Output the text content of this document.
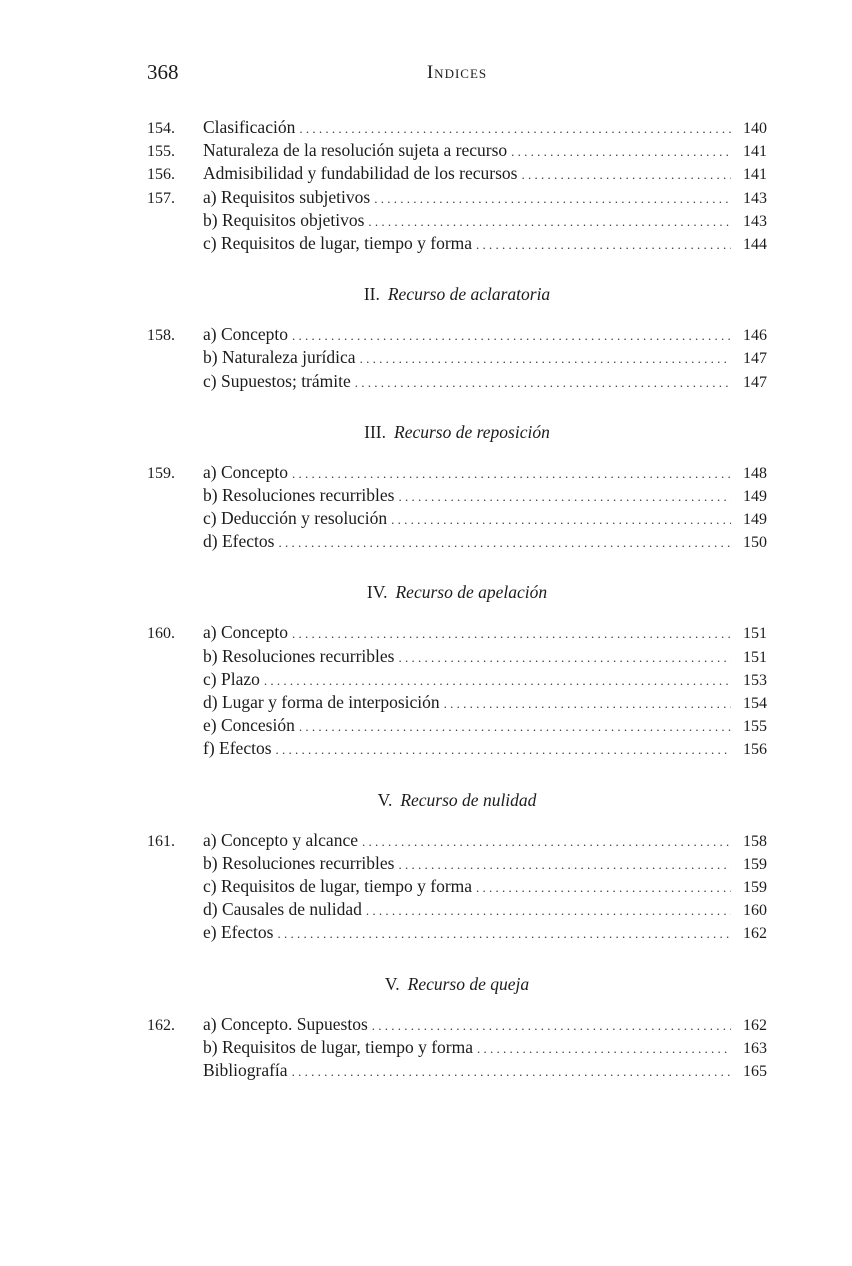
368	Indices
154.	Clasificación . . .	140
155.	Naturaleza de la resolución sujeta a recurso . . .	141
156.	Admisibilidad y fundabilidad de los recursos . . .	141
157.	a) Requisitos subjetivos . . .	143
b) Requisitos objetivos . . .	143
c) Requisitos de lugar, tiempo y forma . . .	144
II. Recurso de aclaratoria
158.	a) Concepto . . .	146
b) Naturaleza jurídica . . .	147
c) Supuestos; trámite . . .	147
III. Recurso de reposición
159.	a) Concepto . . .	148
b) Resoluciones recurribles . . .	149
c) Deducción y resolución . . .	149
d) Efectos . . .	150
IV. Recurso de apelación
160.	a) Concepto . . .	151
b) Resoluciones recurribles . . .	151
c) Plazo . . .	153
d) Lugar y forma de interposición . . .	154
e) Concesión . . .	155
f) Efectos . . .	156
V. Recurso de nulidad
161.	a) Concepto y alcance . . .	158
b) Resoluciones recurribles . . .	159
c) Requisitos de lugar, tiempo y forma . . .	159
d) Causales de nulidad . . .	160
e) Efectos . . .	162
V. Recurso de queja
162.	a) Concepto. Supuestos . . .	162
b) Requisitos de lugar, tiempo y forma . . .	163
Bibliografía . . .	165
